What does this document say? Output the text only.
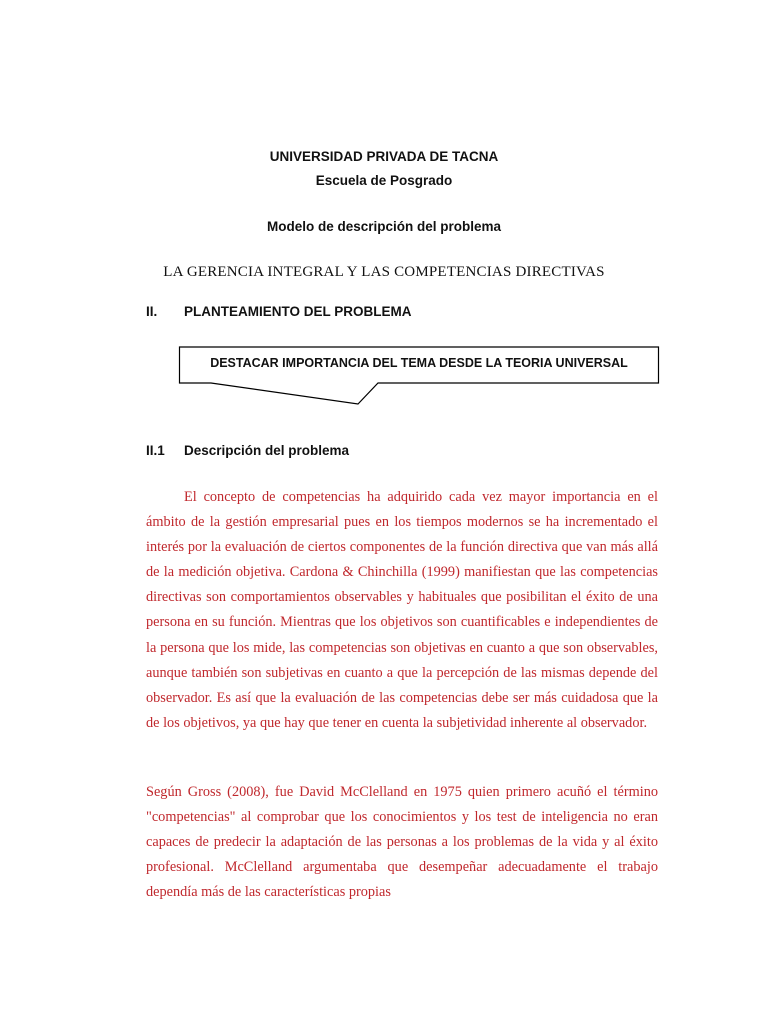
UNIVERSIDAD PRIVADA DE TACNA
Escuela de Posgrado
Modelo de descripción del problema
LA GERENCIA INTEGRAL Y LAS COMPETENCIAS DIRECTIVAS
II. PLANTEAMIENTO DEL PROBLEMA
DESTACAR IMPORTANCIA DEL TEMA DESDE LA TEORIA UNIVERSAL
II.1 Descripción del problema
El concepto de competencias ha adquirido cada vez mayor importancia en el ámbito de la gestión empresarial pues en los tiempos modernos se ha incrementado el interés por la evaluación de ciertos componentes de la función directiva que van más allá de la medición objetiva. Cardona & Chinchilla (1999) manifiestan que las competencias directivas son comportamientos observables y habituales que posibilitan el éxito de una persona en su función. Mientras que los objetivos son cuantificables e independientes de la persona que los mide, las competencias son objetivas en cuanto a que son observables, aunque también son subjetivas en cuanto a que la percepción de las mismas depende del observador. Es así que la evaluación de las competencias debe ser más cuidadosa que la de los objetivos, ya que hay que tener en cuenta la subjetividad inherente al observador.
Según Gross (2008), fue David McClelland en 1975 quien primero acuñó el término "competencias" al comprobar que los conocimientos y los test de inteligencia no eran capaces de predecir la adaptación de las personas a los problemas de la vida y al éxito profesional. McClelland argumentaba que desempeñar adecuadamente el trabajo dependía más de las características propias
